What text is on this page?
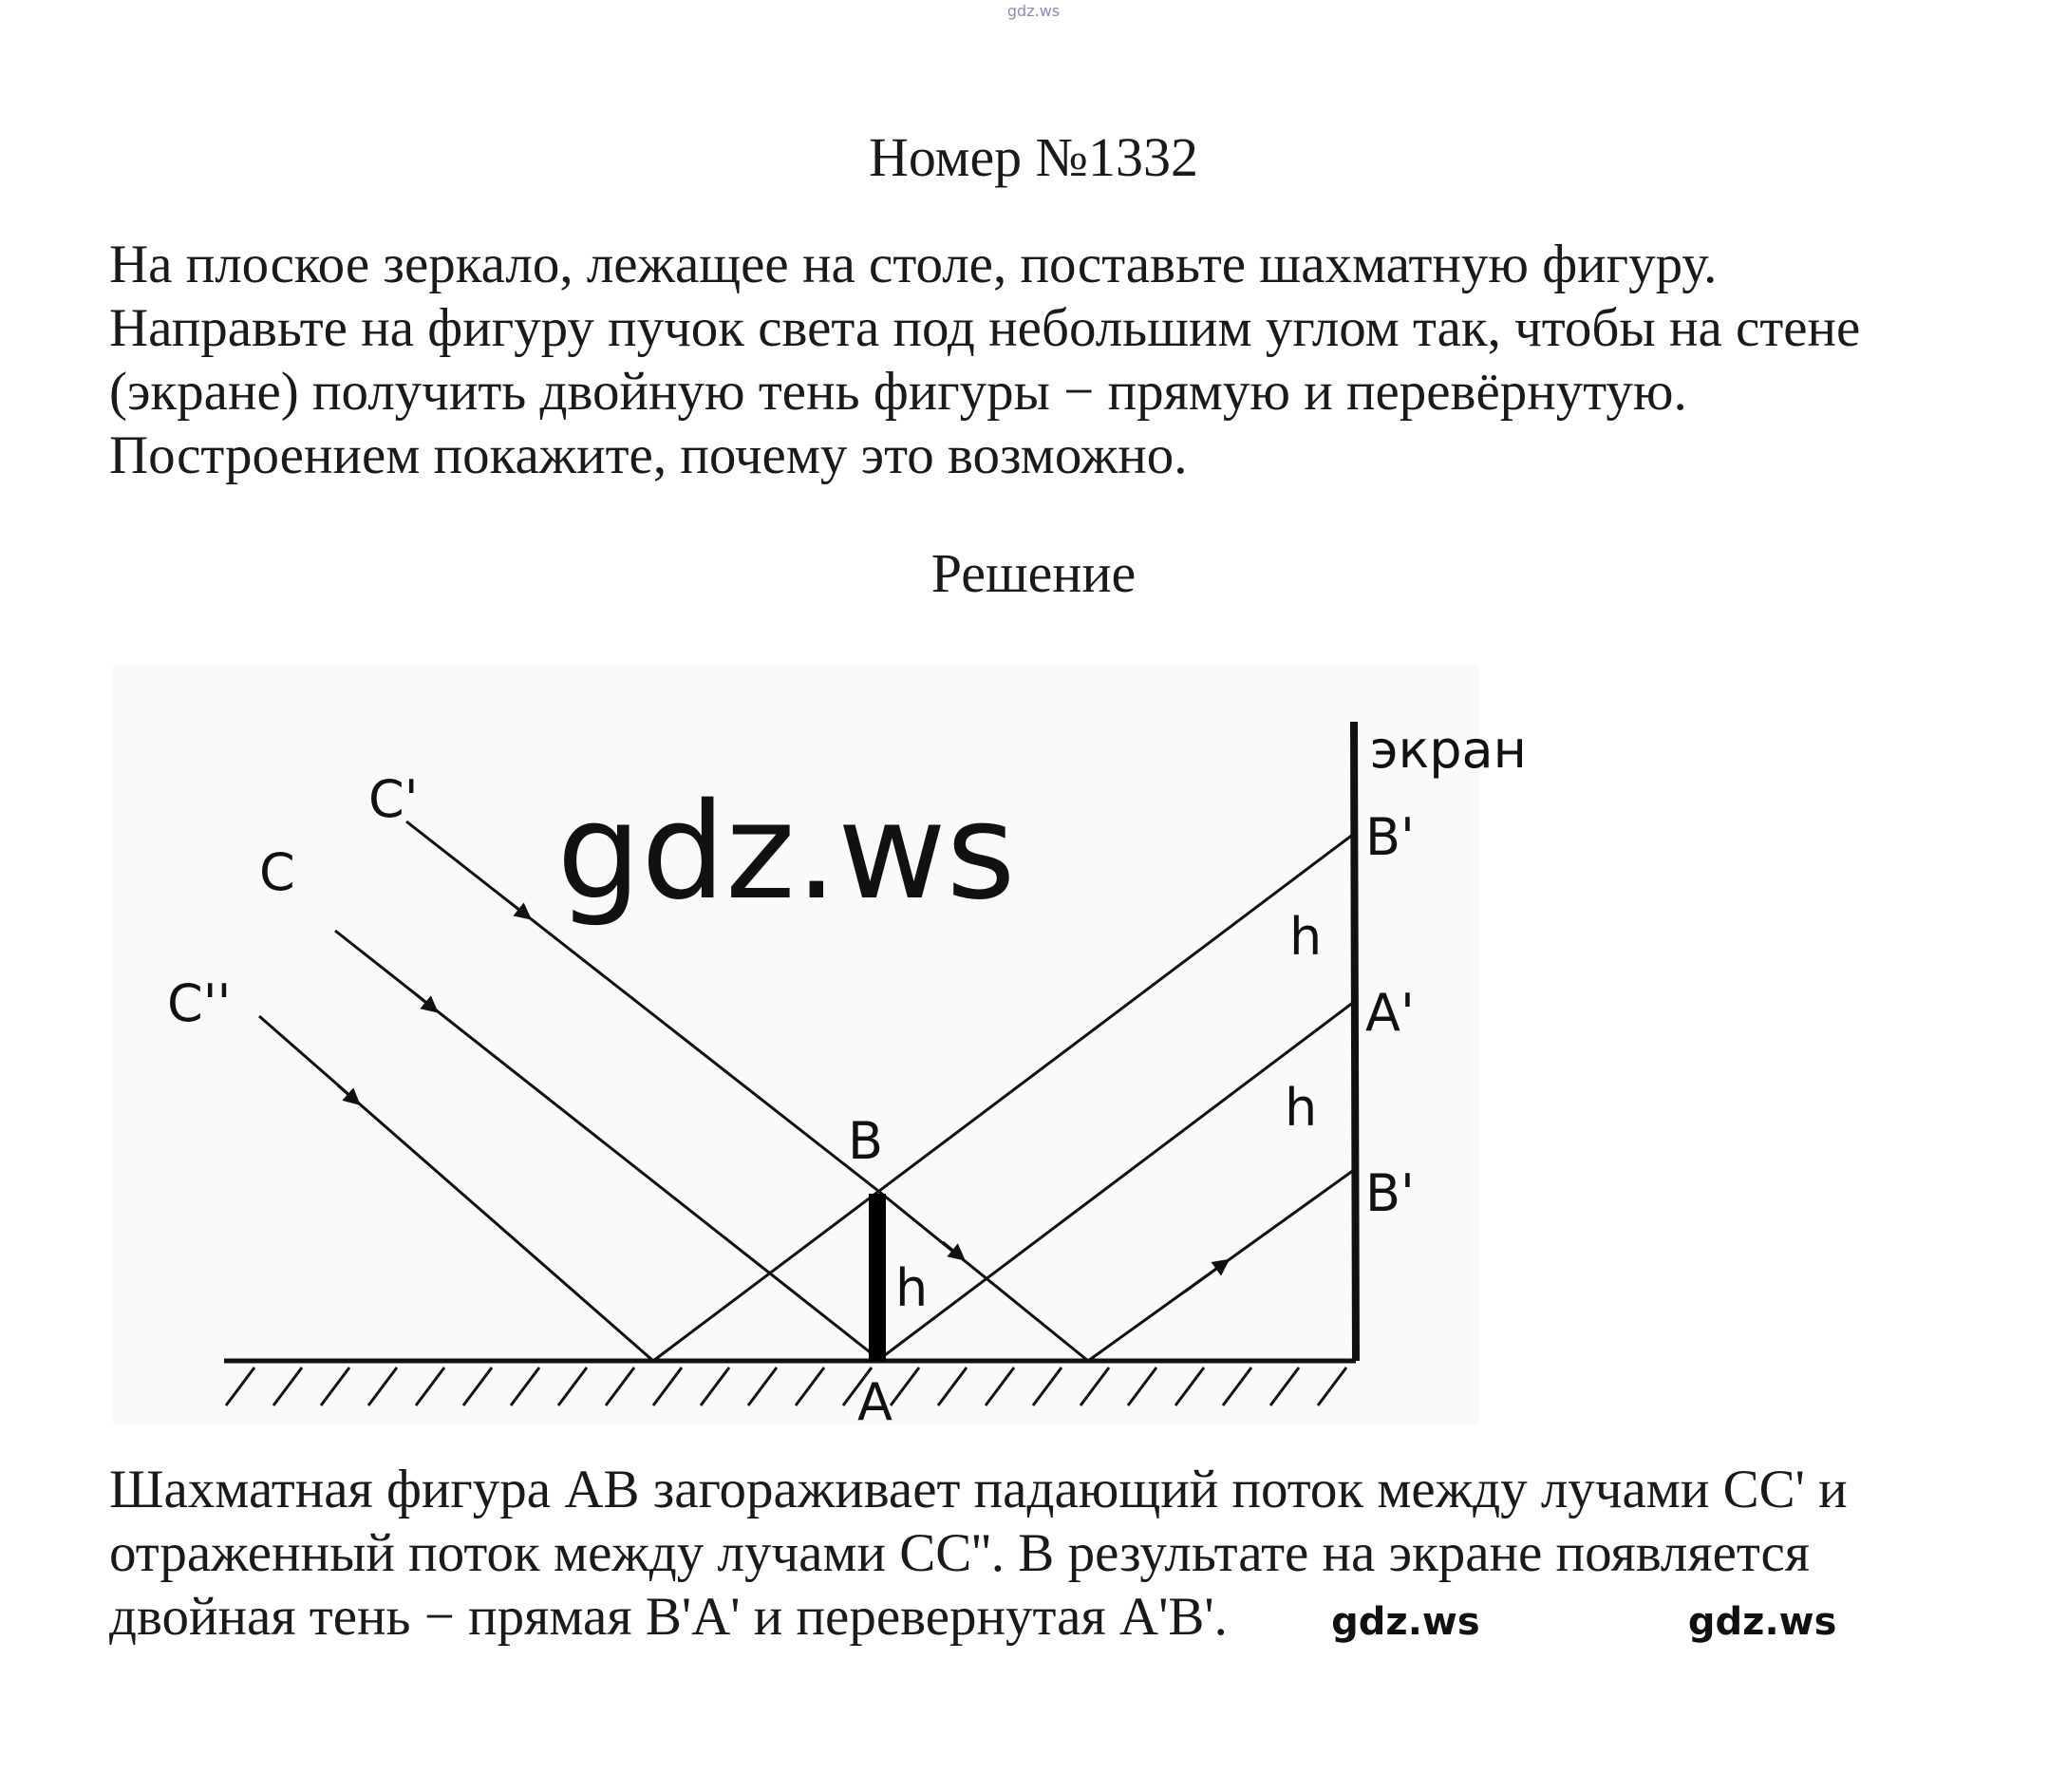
gdz.ws
Номер №1332
На плоское зеркало, лежащее на столе, поставьте шахматную фигуру.
Направьте на фигуру пучок света под небольшим углом так, чтобы на стене
(экране) получить двойную тень фигуры − прямую и перевёрнутую.
Построением покажите, почему это возможно.
Решение
экран
C'
C
C''
B
A
h
B'
h
A'
h
B'
gdz.ws
Шахматная фигура AB загораживает падающий поток между лучами CC' и
отраженный поток между лучами CC''. В результате на экране появляется
двойная тень − прямая B'A' и перевернутая A'B'.	gdz.ws	gdz.ws
